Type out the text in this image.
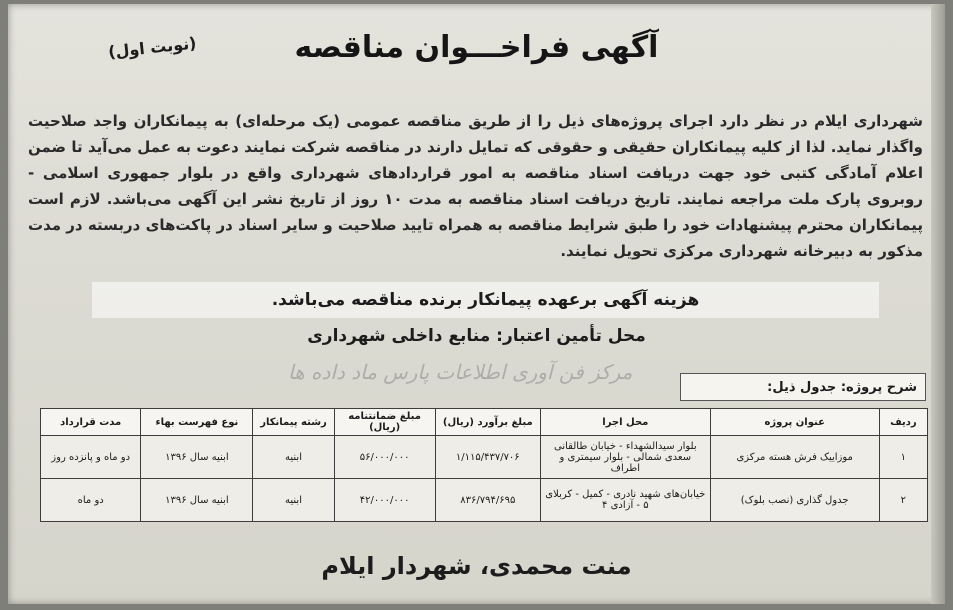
آگهی فراخـــوان مناقصه
(نوبت اول)
شهرداری ایلام در نظر دارد اجرای پروژه‌های ذیل را از طریق مناقصه عمومی (یک مرحله‌ای) به پیمانکاران واجد صلاحیت واگذار نماید. لذا از کلیه پیمانکاران حقیقی و حقوقی که تمایل دارند در مناقصه شرکت نمایند دعوت به عمل می‌آید تا ضمن اعلام آمادگی کتبی خود جهت دریافت اسناد مناقصه به امور قراردادهای شهرداری واقع در بلوار جمهوری اسلامی - روبروی پارک ملت مراجعه نمایند. تاریخ دریافت اسناد مناقصه به مدت ۱۰ روز از تاریخ نشر این آگهی می‌باشد. لازم است پیمانکاران محترم پیشنهادات خود را طبق شرایط مناقصه به همراه تایید صلاحیت و سایر اسناد در پاکت‌های دربسته در مدت مذکور به دبیرخانه شهرداری مرکزی تحویل نمایند.
هزینه آگهی برعهده پیمانکار برنده مناقصه می‌باشد.
محل تأمین اعتبار: منابع داخلی شهرداری
مرکز فن آوری اطلاعات پارس ماد داده ها
شرح پروژه: جدول ذیل:
ردیف	عنوان پروژه	محل اجرا	مبلغ برآورد (ریال)	مبلغ ضمانتنامه (ریال)	رشته پیمانکار	نوع فهرست بهاء	مدت قرارداد
۱	موزاییک فرش هسته مرکزی	بلوار سیدالشهداء - خیابان طالقانی سعدی شمالی - بلوار سیمتری و اطراف	۱/۱۱۵/۴۳۷/۷۰۶	۵۶/۰۰۰/۰۰۰	ابنیه	ابنیه سال ۱۳۹۶	دو ماه و پانزده روز
۲	جدول گذاری (نصب بلوک)	خیابان‌های شهید نادری - کمیل - کربلای ۵ - آزادی ۴	۸۳۶/۷۹۴/۶۹۵	۴۲/۰۰۰/۰۰۰	ابنیه	ابنیه سال ۱۳۹۶	دو ماه
منت محمدی، شهردار ایلام
